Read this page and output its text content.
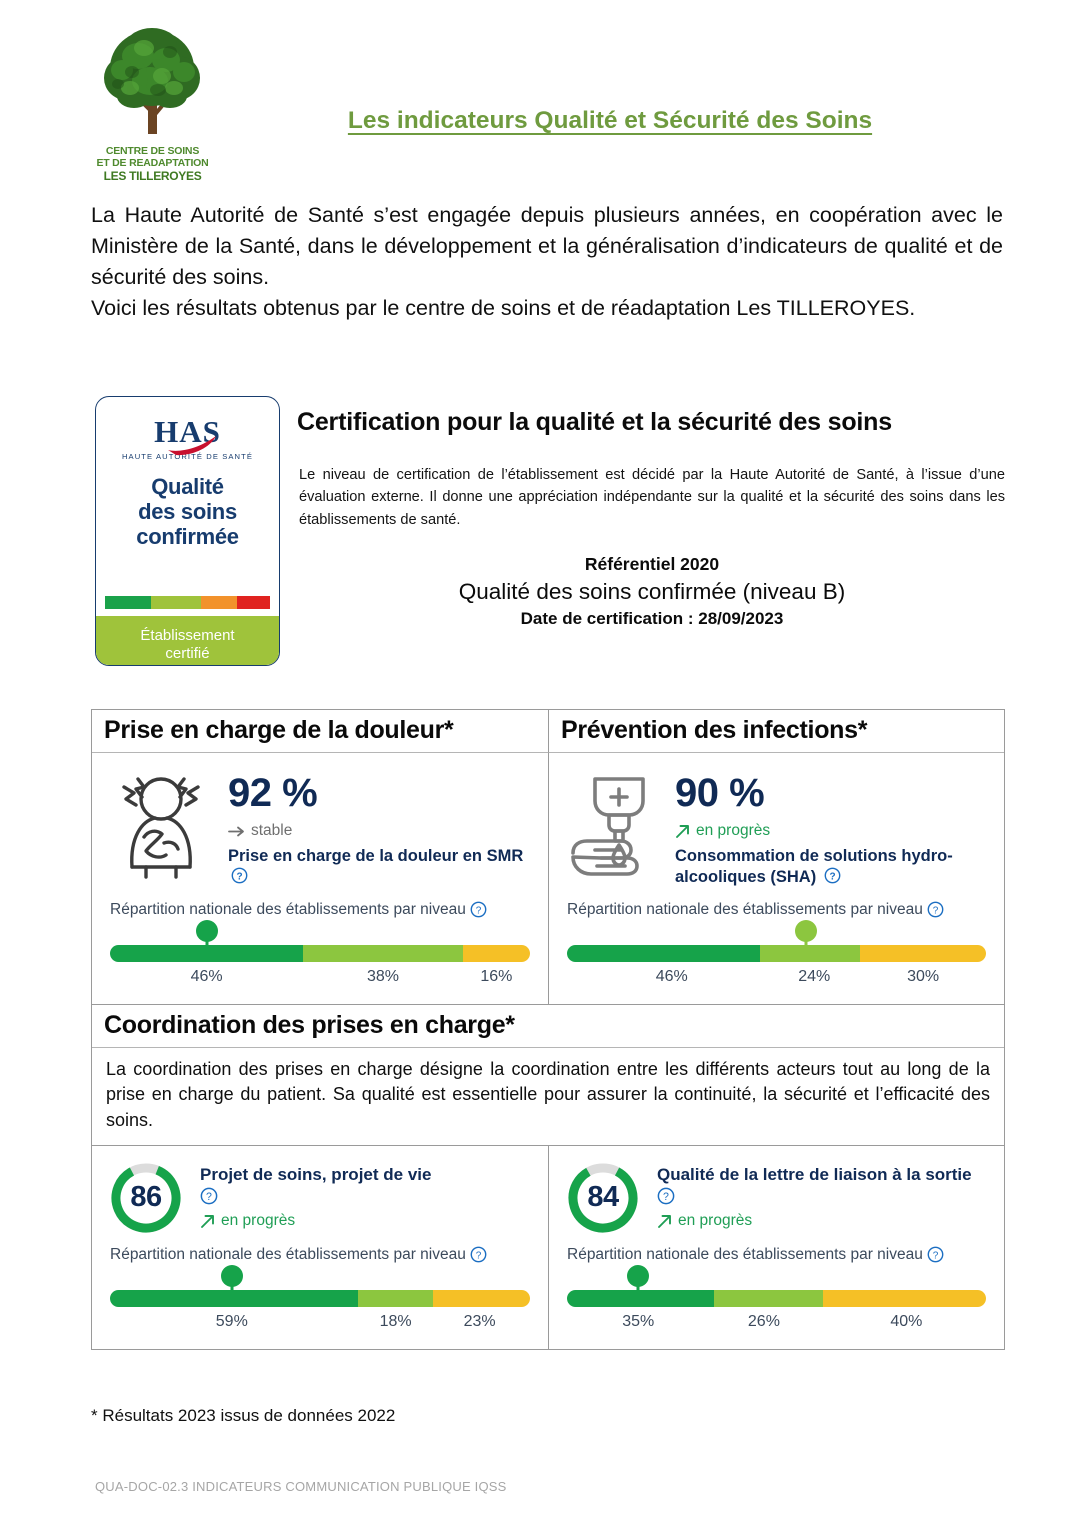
CENTRE DE SOINS
ET DE READAPTATION
LES TILLEROYES
Les indicateurs Qualité et Sécurité des Soins

La Haute Autorité de Santé s’est engagée depuis plusieurs années, en coopération avec le Ministère de la Santé, dans le développement et la généralisation d’indicateurs de qualité et de sécurité des soins.

Voici les résultats obtenus par le centre de soins et de réadaptation Les TILLEROYES.

HAS
HAUTE AUTORITÉ DE SANTÉ
Qualité
des soins
confirmée
Établissement
certifié
Certification pour la qualité et la sécurité des soins
Le niveau de certification de l’établissement est décidé par la Haute Autorité de Santé, à l’issue d’une évaluation externe. Il donne une appréciation indépendante sur la qualité et la sécurité des soins dans les établissements de santé.
Référentiel 2020
Qualité des soins confirmée (niveau B)
Date de certification : 28/09/2023
Prise en charge de la douleur*	Prévention des infections*
92 %
stable
Prise en charge de la douleur en SMR
?
Répartition nationale des établissements par niveau ?
46%	38%	16%
90 %
en progrès
Consommation de solutions hydro-alcooliques (SHA) ?
Répartition nationale des établissements par niveau ?
46%	24%	30%
Coordination des prises en charge*
La coordination des prises en charge désigne la coordination entre les différents acteurs tout au long de la prise en charge du patient. Sa qualité est essentielle pour assurer la continuité, la sécurité et l’efficacité des soins.
86
Projet de soins, projet de vie
?
en progrès
Répartition nationale des établissements par niveau ?
59%	18%	23%
84
Qualité de la lettre de liaison à la sortie
?
en progrès
Répartition nationale des établissements par niveau ?
35%	26%	40%
* Résultats 2023 issus de données 2022
QUA-DOC-02.3 INDICATEURS COMMUNICATION PUBLIQUE IQSS
